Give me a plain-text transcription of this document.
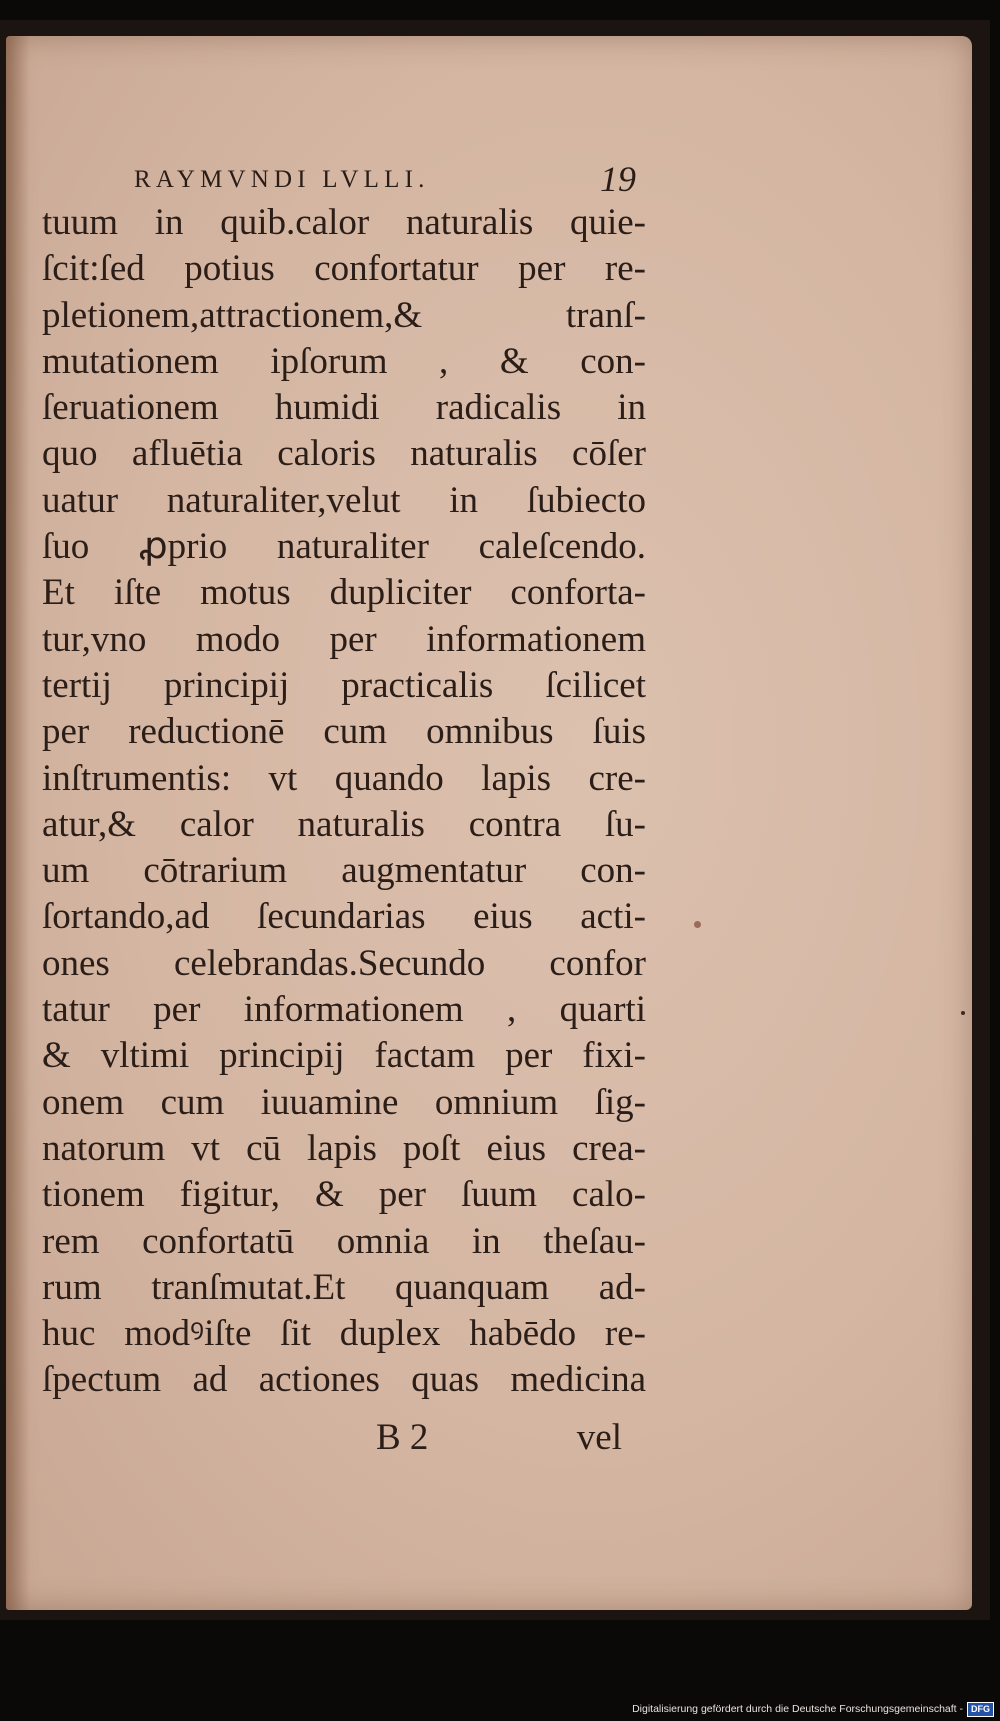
RAYMVNDI LVLLI.	19
tuum in quib.calor naturalis quie-
ſcit:ſed potius confortatur per re-
pletionem,attractionem,& tranſ-
mutationem ipſorum , & con-
ſeruationem humidi radicalis in
quo afluētia caloris naturalis cōſer
uatur naturaliter,velut in ſubiecto
ſuo ꝓprio naturaliter caleſcendo.
Et iſte motus dupliciter conforta-
tur,vno modo per informationem
tertij principij practicalis ſcilicet
per reductionē cum omnibus ſuis
inſtrumentis: vt quando lapis cre-
atur,& calor naturalis contra ſu-
um cōtrarium augmentatur con-
ſortando,ad ſecundarias eius acti-
ones celebrandas.Secundo confor
tatur per informationem , quarti
& vltimi principij factam per fixi-
onem cum iuuamine omnium ſig-
natorum vt cū lapis poſt eius crea-
tionem figitur, & per ſuum calo-
rem confortatū omnia in theſau-
rum tranſmutat.Et quanquam ad-
huc modꝰiſte ſit duplex habēdo re-
ſpectum ad actiones quas medicina
B 2	vel
Digitalisierung gefördert durch die Deutsche Forschungsgemeinschaft - DFG
